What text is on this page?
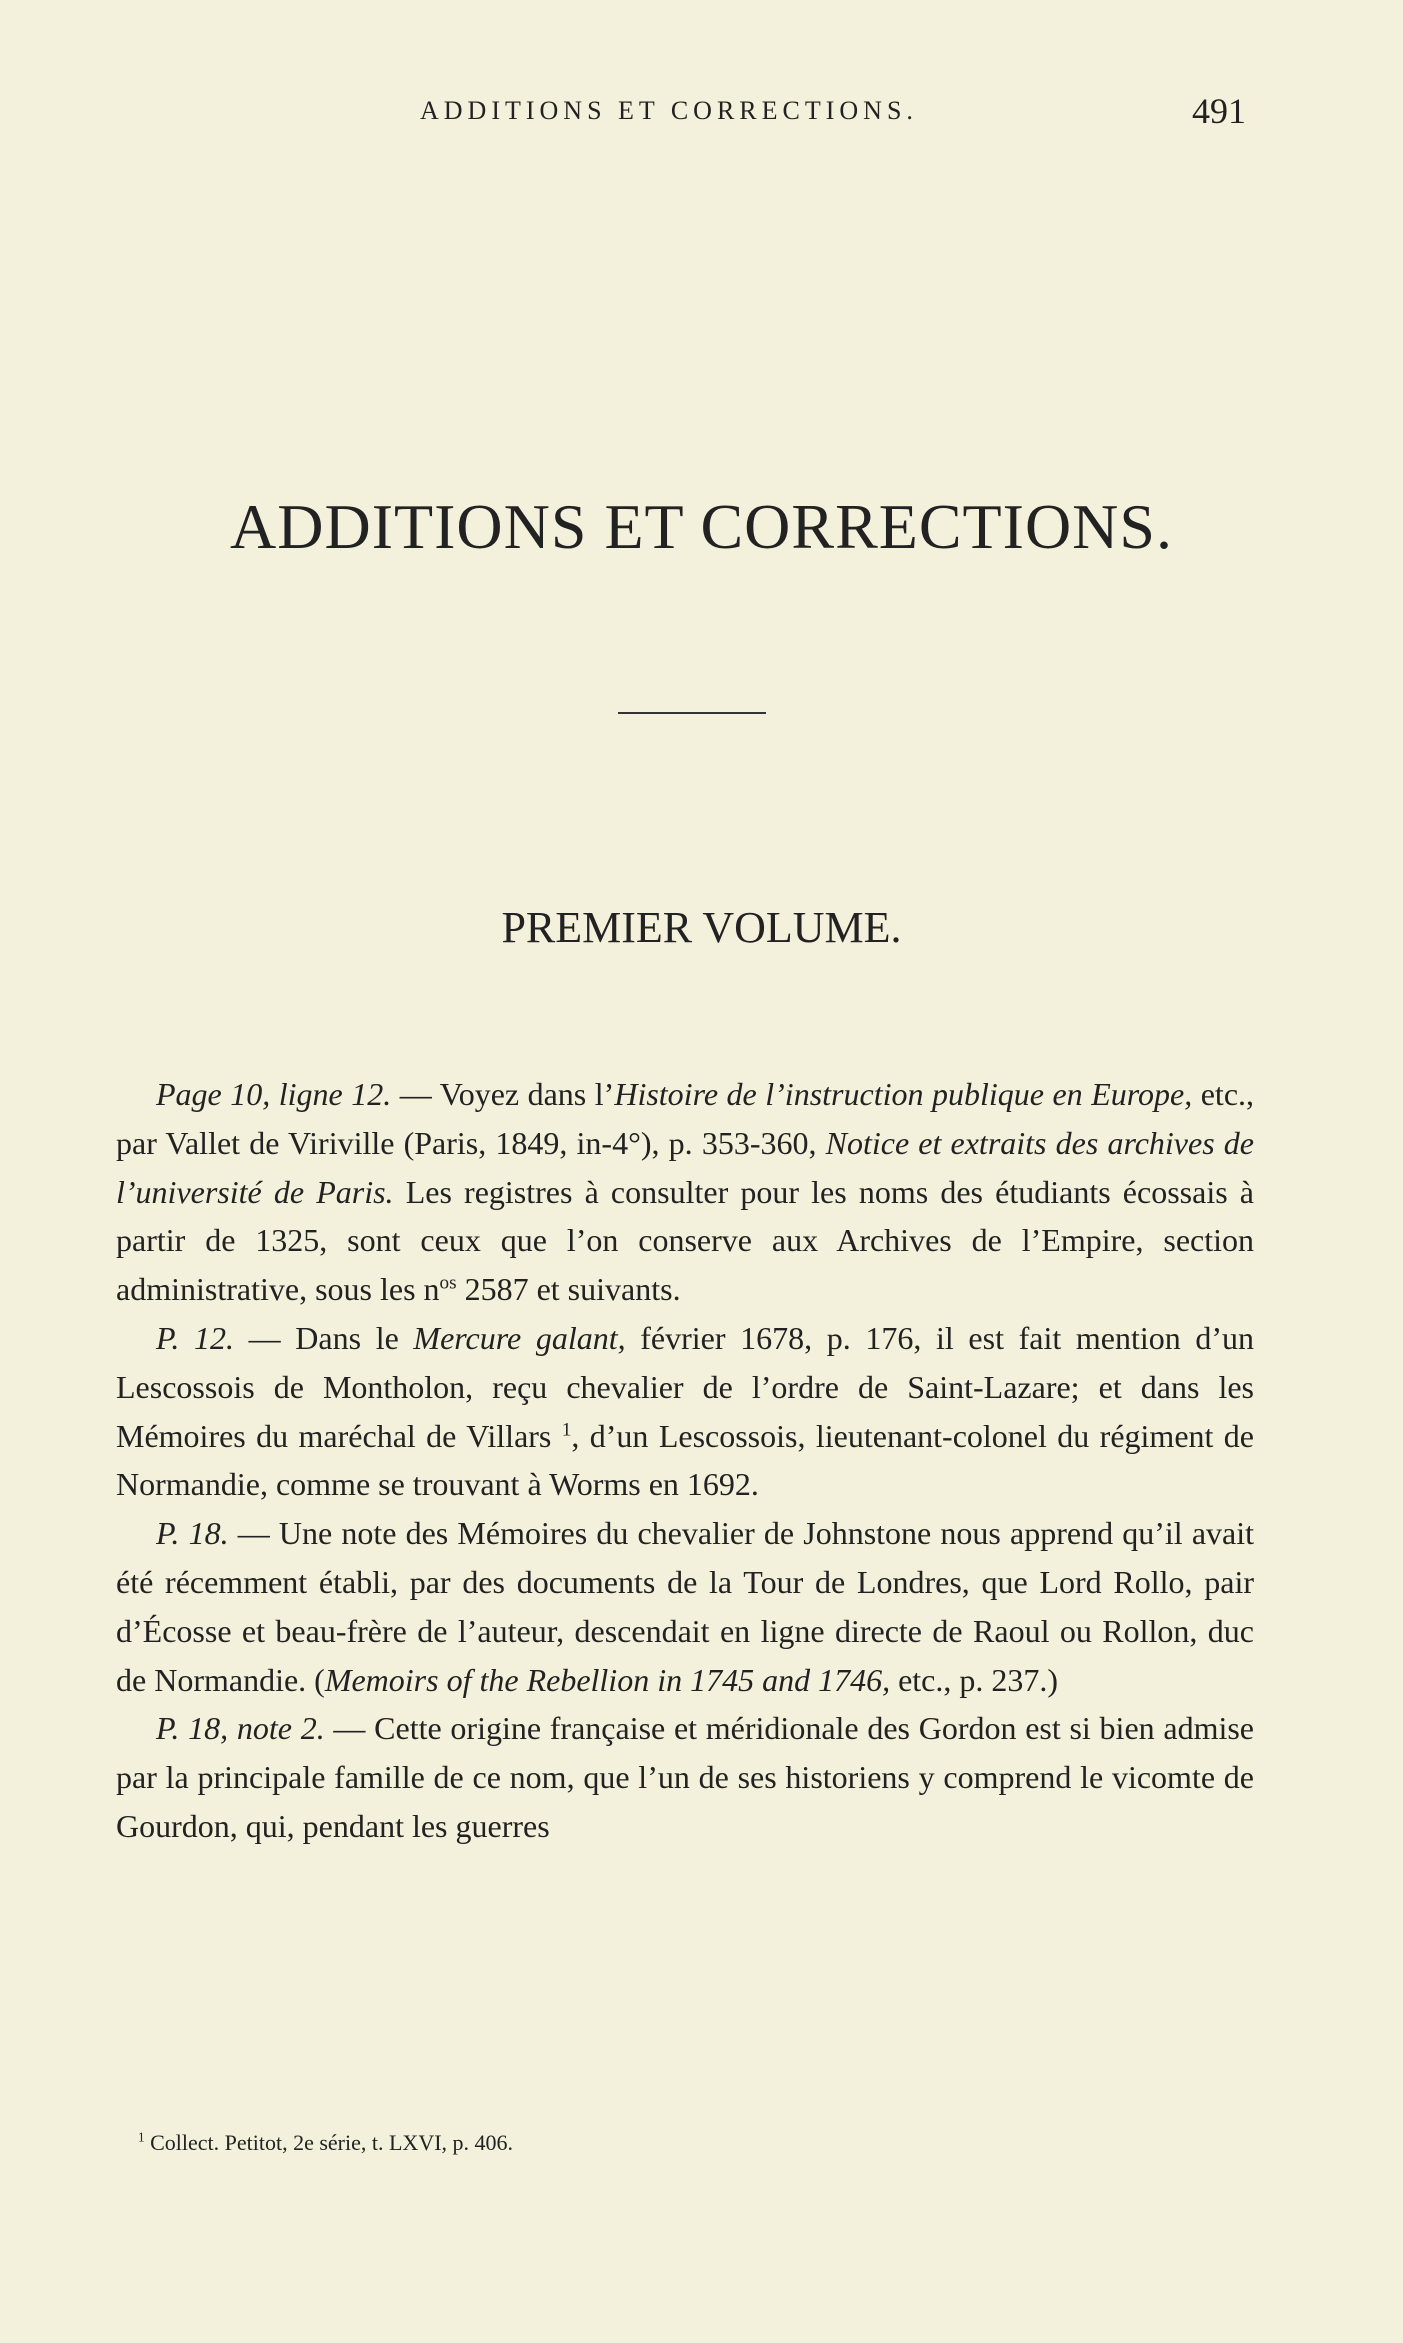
ADDITIONS ET CORRECTIONS.	491
ADDITIONS ET CORRECTIONS.
PREMIER VOLUME.

Page 10, ligne 12. — Voyez dans l’Histoire de l’instruction publique en Europe, etc., par Vallet de Viriville (Paris, 1849, in-4°), p. 353-360, Notice et extraits des archives de l’université de Paris. Les registres à consulter pour les noms des étudiants écossais à partir de 1325, sont ceux que l’on conserve aux Archives de l’Empire, section administrative, sous les $n^{os}$ 2587 et suivants.

P. 12. — Dans le Mercure galant, février 1678, p. 176, il est fait mention d’un Lescossois de Montholon, reçu chevalier de l’ordre de Saint-Lazare; et dans les Mémoires du maréchal de Villars $^1$, d’un Lescossois, lieutenant-colonel du régiment de Normandie, comme se trouvant à Worms en 1692.

P. 18. — Une note des Mémoires du chevalier de Johnstone nous apprend qu’il avait été récemment établi, par des documents de la Tour de Londres, que Lord Rollo, pair d’Écosse et beau-frère de l’auteur, descendait en ligne directe de Raoul ou Rollon, duc de Normandie. (Memoirs of the Rebellion in 1745 and 1746, etc., p. 237.)

P. 18, note 2. — Cette origine française et méridionale des Gordon est si bien admise par la principale famille de ce nom, que l’un de ses historiens y comprend le vicomte de Gourdon, qui, pendant les guerres

$^1$ Collect. Petitot, 2e série, t. LXVI, p. 406.
